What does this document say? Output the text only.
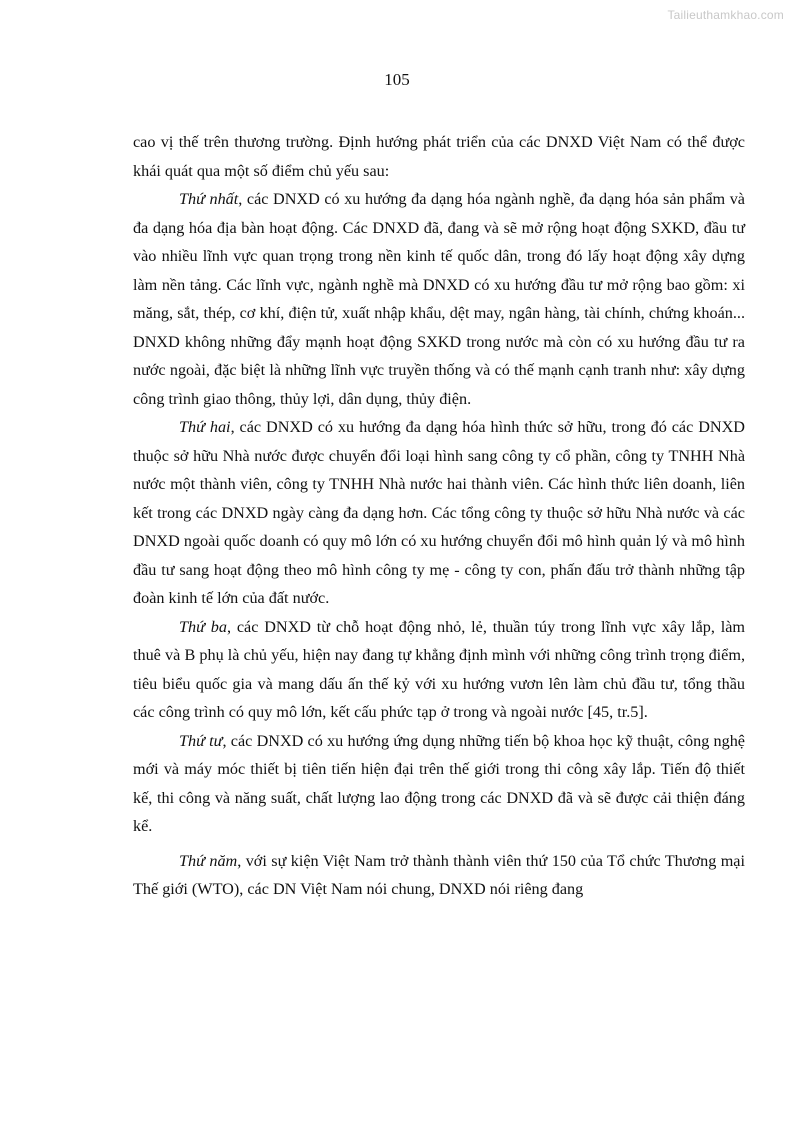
Tailieuthamkhao.com
105

cao vị thế trên thương trường. Định hướng phát triển của các DNXD Việt Nam có thể được khái quát qua một số điểm chủ yếu sau:

Thứ nhất, các DNXD có xu hướng đa dạng hóa ngành nghề, đa dạng hóa sản phẩm và đa dạng hóa địa bàn hoạt động. Các DNXD đã, đang và sẽ mở rộng hoạt động SXKD, đầu tư vào nhiều lĩnh vực quan trọng trong nền kinh tế quốc dân, trong đó lấy hoạt động xây dựng làm nền tảng. Các lĩnh vực, ngành nghề mà DNXD có xu hướng đầu tư mở rộng bao gồm: xi măng, sắt, thép, cơ khí, điện tử, xuất nhập khẩu, dệt may, ngân hàng, tài chính, chứng khoán... DNXD không những đẩy mạnh hoạt động SXKD trong nước mà còn có xu hướng đầu tư ra nước ngoài, đặc biệt là những lĩnh vực truyền thống và có thế mạnh cạnh tranh như: xây dựng công trình giao thông, thủy lợi, dân dụng, thủy điện.

Thứ hai, các DNXD có xu hướng đa dạng hóa hình thức sở hữu, trong đó các DNXD thuộc sở hữu Nhà nước được chuyển đổi loại hình sang công ty cổ phần, công ty TNHH Nhà nước một thành viên, công ty TNHH Nhà nước hai thành viên. Các hình thức liên doanh, liên kết trong các DNXD ngày càng đa dạng hơn. Các tổng công ty thuộc sở hữu Nhà nước và các DNXD ngoài quốc doanh có quy mô lớn có xu hướng chuyển đổi mô hình quản lý và mô hình đầu tư sang hoạt động theo mô hình công ty mẹ - công ty con, phấn đấu trở thành những tập đoàn kinh tế lớn của đất nước.

Thứ ba, các DNXD từ chỗ hoạt động nhỏ, lẻ, thuần túy trong lĩnh vực xây lắp, làm thuê và B phụ là chủ yếu, hiện nay đang tự khẳng định mình với những công trình trọng điểm, tiêu biểu quốc gia và mang dấu ấn thế kỷ với xu hướng vươn lên làm chủ đầu tư, tổng thầu các công trình có quy mô lớn, kết cấu phức tạp ở trong và ngoài nước [45, tr.5].

Thứ tư, các DNXD có xu hướng ứng dụng những tiến bộ khoa học kỹ thuật, công nghệ mới và máy móc thiết bị tiên tiến hiện đại trên thế giới trong thi công xây lắp. Tiến độ thiết kế, thi công và năng suất, chất lượng lao động trong các DNXD đã và sẽ được cải thiện đáng kể.

Thứ năm, với sự kiện Việt Nam trở thành thành viên thứ 150 của Tổ chức Thương mại Thế giới (WTO), các DN Việt Nam nói chung, DNXD nói riêng đang
